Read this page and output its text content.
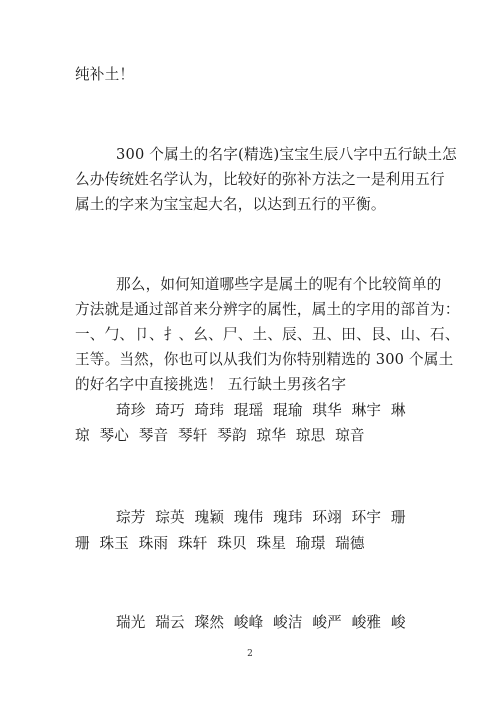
纯补土！
300 个属土的名字(精选)宝宝生辰八字中五行缺土怎
么办传统姓名学认为，比较好的弥补方法之一是利用五行
属土的字来为宝宝起大名，以达到五行的平衡。
那么，如何知道哪些字是属土的呢有个比较简单的
方法就是通过部首来分辨字的属性，属土的字用的部首为：
一、勹、卩、扌、幺、尸、土、辰、丑、田、艮、山、石、
王等。当然，你也可以从我们为你特别精选的 300 个属土
的好名字中直接挑选！ 五行缺土男孩名字
琦珍  琦巧  琦玮  琨瑶  琨瑜  琪华  琳宇  琳
琼  琴心  琴音  琴轩  琴韵  琼华  琼思  琼音
琮芳  琮英  瑰颖  瑰伟  瑰玮  环翊  环宇  珊
珊  珠玉  珠雨  珠轩  珠贝  珠星  瑜璟  瑞德
瑞光  瑞云  璨然  峻峰  峻洁  峻严  峻雅  峻
2
